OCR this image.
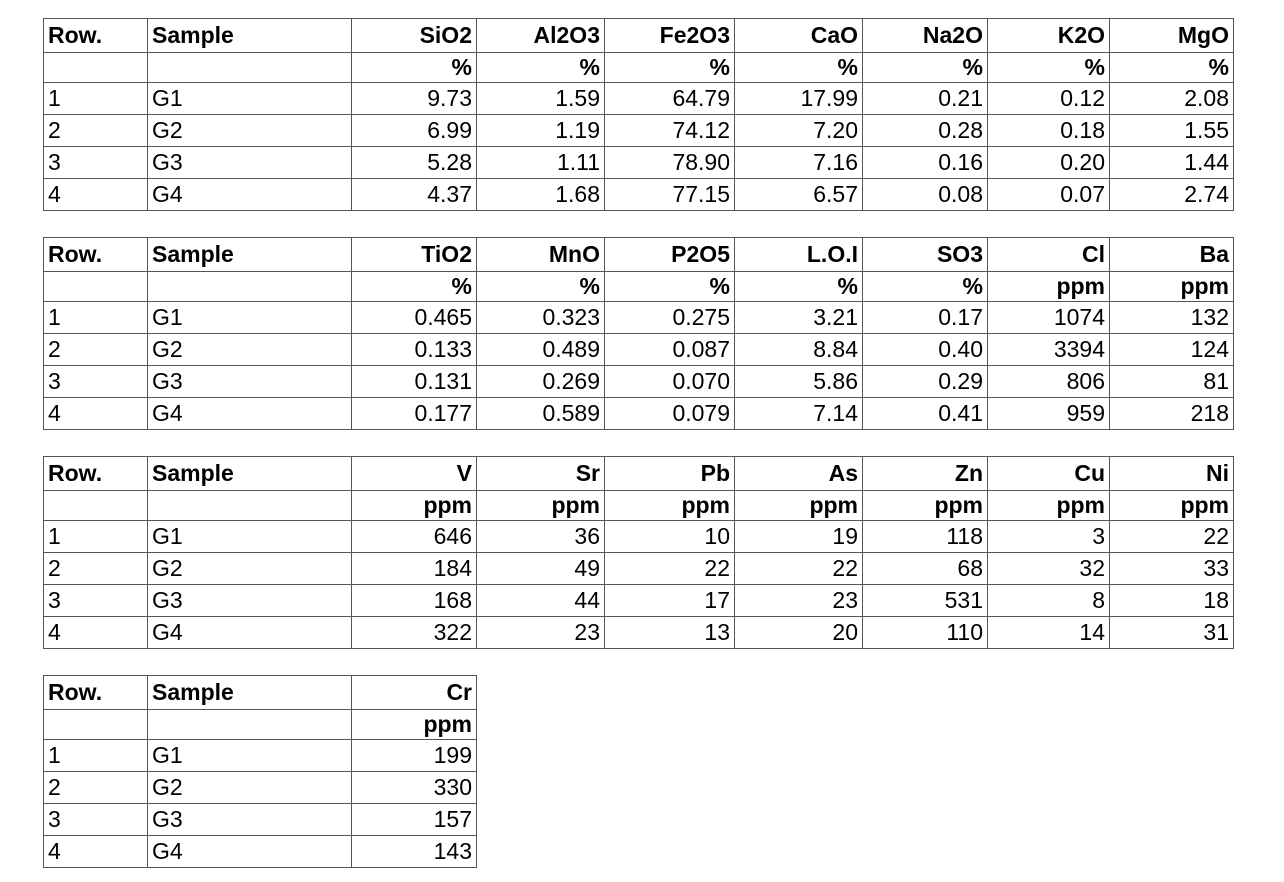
Row.	Sample	SiO2	Al2O3	Fe2O3	CaO	Na2O	K2O	MgO
		%	%	%	%	%	%	%
1	G1	9.73	1.59	64.79	17.99	0.21	0.12	2.08
2	G2	6.99	1.19	74.12	7.20	0.28	0.18	1.55
3	G3	5.28	1.11	78.90	7.16	0.16	0.20	1.44
4	G4	4.37	1.68	77.15	6.57	0.08	0.07	2.74
Row.	Sample	TiO2	MnO	P2O5	L.O.I	SO3	Cl	Ba
		%	%	%	%	%	ppm	ppm
1	G1	0.465	0.323	0.275	3.21	0.17	1074	132
2	G2	0.133	0.489	0.087	8.84	0.40	3394	124
3	G3	0.131	0.269	0.070	5.86	0.29	806	81
4	G4	0.177	0.589	0.079	7.14	0.41	959	218
Row.	Sample	V	Sr	Pb	As	Zn	Cu	Ni
		ppm	ppm	ppm	ppm	ppm	ppm	ppm
1	G1	646	36	10	19	118	3	22
2	G2	184	49	22	22	68	32	33
3	G3	168	44	17	23	531	8	18
4	G4	322	23	13	20	110	14	31
Row.	Sample	Cr
		ppm
1	G1	199
2	G2	330
3	G3	157
4	G4	143
